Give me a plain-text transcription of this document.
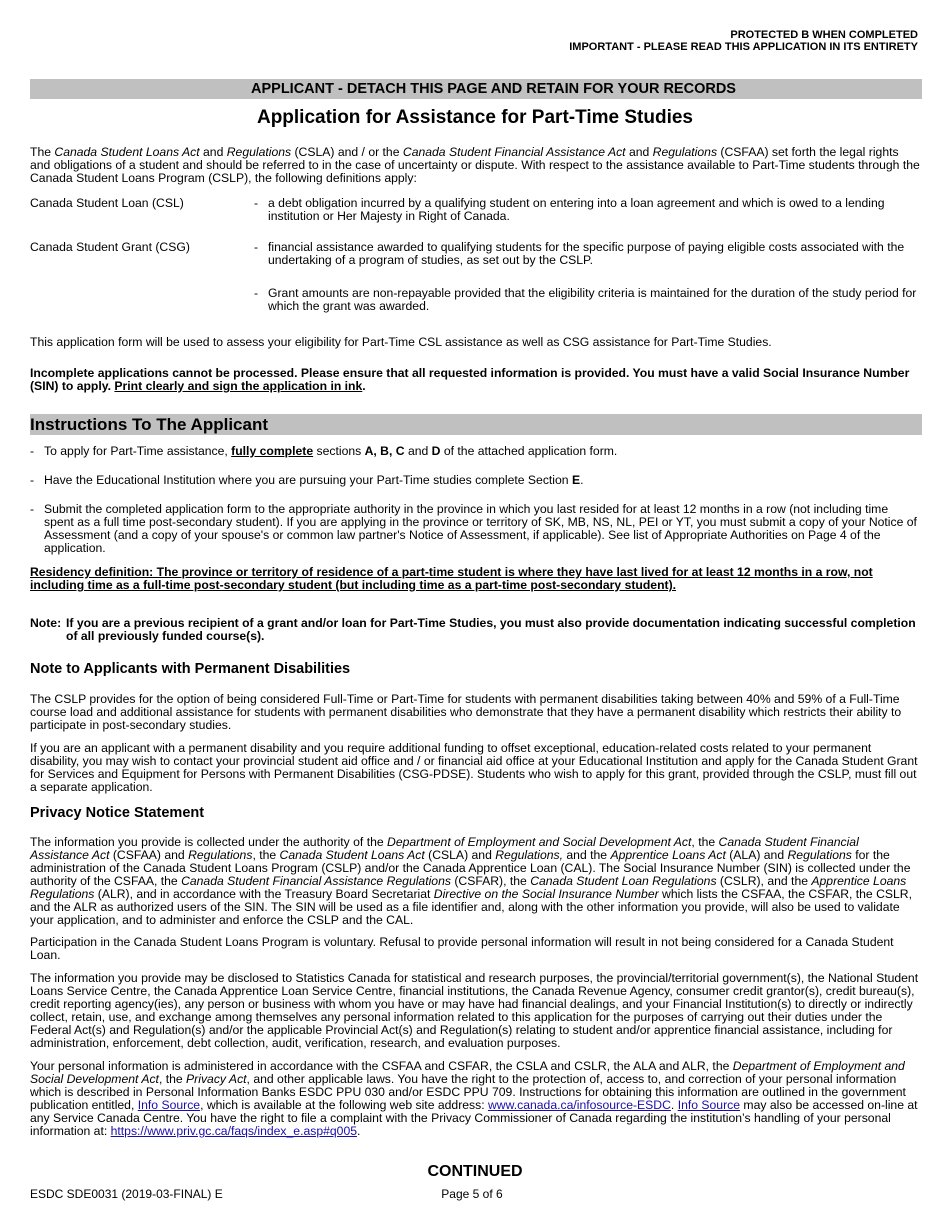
PROTECTED B WHEN COMPLETED
IMPORTANT - PLEASE READ THIS APPLICATION IN ITS ENTIRETY
APPLICANT - DETACH THIS PAGE AND RETAIN FOR YOUR RECORDS
Application for Assistance for Part-Time Studies
The Canada Student Loans Act and Regulations (CSLA) and / or the Canada Student Financial Assistance Act and Regulations (CSFAA) set forth the legal rights and obligations of a student and should be referred to in the case of uncertainty or dispute. With respect to the assistance available to Part-Time students through the Canada Student Loans Program (CSLP), the following definitions apply:
Canada Student Loan (CSL)	- a debt obligation incurred by a qualifying student on entering into a loan agreement and which is owed to a lending institution or Her Majesty in Right of Canada.
Canada Student Grant (CSG)	- financial assistance awarded to qualifying students for the specific purpose of paying eligible costs associated with the undertaking of a program of studies, as set out by the CSLP.
- Grant amounts are non-repayable provided that the eligibility criteria is maintained for the duration of the study period for which the grant was awarded.
This application form will be used to assess your eligibility for Part-Time CSL assistance as well as CSG assistance for Part-Time Studies.
Incomplete applications cannot be processed. Please ensure that all requested information is provided. You must have a valid Social Insurance Number (SIN) to apply. Print clearly and sign the application in ink.
Instructions To The Applicant
- To apply for Part-Time assistance, fully complete sections A, B, C and D of the attached application form.
- Have the Educational Institution where you are pursuing your Part-Time studies complete Section E.
- Submit the completed application form to the appropriate authority in the province in which you last resided for at least 12 months in a row (not including time spent as a full time post-secondary student). If you are applying in the province or territory of SK, MB, NS, NL, PEI or YT, you must submit a copy of your Notice of Assessment (and a copy of your spouse's or common law partner's Notice of Assessment, if applicable). See list of Appropriate Authorities on Page 4 of the application.
Residency definition: The province or territory of residence of a part-time student is where they have last lived for at least 12 months in a row, not including time as a full-time post-secondary student (but including time as a part-time post-secondary student).
Note: If you are a previous recipient of a grant and/or loan for Part-Time Studies, you must also provide documentation indicating successful completion of all previously funded course(s).
Note to Applicants with Permanent Disabilities
The CSLP provides for the option of being considered Full-Time or Part-Time for students with permanent disabilities taking between 40% and 59% of a Full-Time course load and additional assistance for students with permanent disabilities who demonstrate that they have a permanent disability which restricts their ability to participate in post-secondary studies.
If you are an applicant with a permanent disability and you require additional funding to offset exceptional, education-related costs related to your permanent disability, you may wish to contact your provincial student aid office and / or financial aid office at your Educational Institution and apply for the Canada Student Grant for Services and Equipment for Persons with Permanent Disabilities (CSG-PDSE). Students who wish to apply for this grant, provided through the CSLP, must fill out a separate application.
Privacy Notice Statement
The information you provide is collected under the authority of the Department of Employment and Social Development Act, the Canada Student Financial Assistance Act (CSFAA) and Regulations, the Canada Student Loans Act (CSLA) and Regulations, and the Apprentice Loans Act (ALA) and Regulations for the administration of the Canada Student Loans Program (CSLP) and/or the Canada Apprentice Loan (CAL). The Social Insurance Number (SIN) is collected under the authority of the CSFAA, the Canada Student Financial Assistance Regulations (CSFAR), the Canada Student Loan Regulations (CSLR), and the Apprentice Loans Regulations (ALR), and in accordance with the Treasury Board Secretariat Directive on the Social Insurance Number which lists the CSFAA, the CSFAR, the CSLR, and the ALR as authorized users of the SIN. The SIN will be used as a file identifier and, along with the other information you provide, will also be used to validate your application, and to administer and enforce the CSLP and the CAL.
Participation in the Canada Student Loans Program is voluntary. Refusal to provide personal information will result in not being considered for a Canada Student Loan.
The information you provide may be disclosed to Statistics Canada for statistical and research purposes, the provincial/territorial government(s), the National Student Loans Service Centre, the Canada Apprentice Loan Service Centre, financial institutions, the Canada Revenue Agency, consumer credit grantor(s), credit bureau(s), credit reporting agency(ies), any person or business with whom you have or may have had financial dealings, and your Financial Institution(s) to directly or indirectly collect, retain, use, and exchange among themselves any personal information related to this application for the purposes of carrying out their duties under the Federal Act(s) and Regulation(s) and/or the applicable Provincial Act(s) and Regulation(s) relating to student and/or apprentice financial assistance, including for administration, enforcement, debt collection, audit, verification, research, and evaluation purposes.
Your personal information is administered in accordance with the CSFAA and CSFAR, the CSLA and CSLR, the ALA and ALR, the Department of Employment and Social Development Act, the Privacy Act, and other applicable laws. You have the right to the protection of, access to, and correction of your personal information which is described in Personal Information Banks ESDC PPU 030 and/or ESDC PPU 709. Instructions for obtaining this information are outlined in the government publication entitled, Info Source, which is available at the following web site address: www.canada.ca/infosource-ESDC. Info Source may also be accessed on-line at any Service Canada Centre. You have the right to file a complaint with the Privacy Commissioner of Canada regarding the institution’s handling of your personal information at: https://www.priv.gc.ca/faqs/index_e.asp#q005.
CONTINUED
ESDC SDE0031 (2019-03-FINAL) E	Page 5 of 6
